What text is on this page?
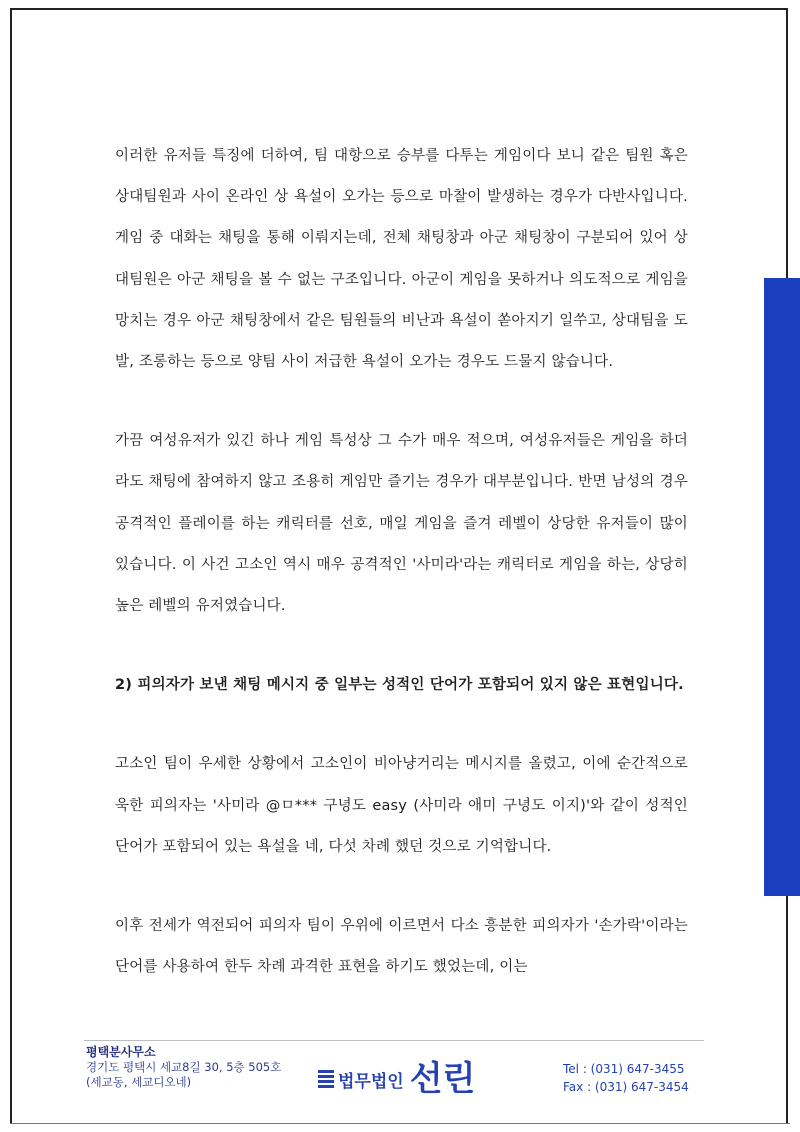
이러한 유저들 특징에 더하여, 팀 대항으로 승부를 다투는 게임이다 보니 같은 팀원 혹은 상대팀원과 사이 온라인 상 욕설이 오가는 등으로 마찰이 발생하는 경우가 다반사입니다. 게임 중 대화는 채팅을 통해 이뤄지는데, 전체 채팅창과 아군 채팅창이 구분되어 있어 상대팀원은 아군 채팅을 볼 수 없는 구조입니다. 아군이 게임을 못하거나 의도적으로 게임을 망치는 경우 아군 채팅창에서 같은 팀원들의 비난과 욕설이 쏟아지기 일쑤고, 상대팀을 도발, 조롱하는 등으로 양팀 사이 저급한 욕설이 오가는 경우도 드물지 않습니다.

가끔 여성유저가 있긴 하나 게임 특성상 그 수가 매우 적으며, 여성유저들은 게임을 하더라도 채팅에 참여하지 않고 조용히 게임만 즐기는 경우가 대부분입니다. 반면 남성의 경우 공격적인 플레이를 하는 캐릭터를 선호, 매일 게임을 즐겨 레벨이 상당한 유저들이 많이 있습니다. 이 사건 고소인 역시 매우 공격적인 '사미라'라는 캐릭터로 게임을 하는, 상당히 높은 레벨의 유저였습니다.

2) 피의자가 보낸 채팅 메시지 중 일부는 성적인 단어가 포함되어 있지 않은 표현입니다.

고소인 팀이 우세한 상황에서 고소인이 비아냥거리는 메시지를 올렸고, 이에 순간적으로 욱한 피의자는 '사미라 @ㅁ*** 구녕도 easy (사미라 애미 구녕도 이지)'와 같이 성적인 단어가 포함되어 있는 욕설을 네, 다섯 차례 했던 것으로 기억합니다.

이후 전세가 역전되어 피의자 팀이 우위에 이르면서 다소 흥분한 피의자가 '손가락'이라는 단어를 사용하여 한두 차례 과격한 표현을 하기도 했었는데, 이는

평택분사무소
경기도 평택시 세교8길 30, 5층 505호
(세교동, 세교디오네)	법무법인 선린	Tel : (031) 647-3455
Fax : (031) 647-3454
